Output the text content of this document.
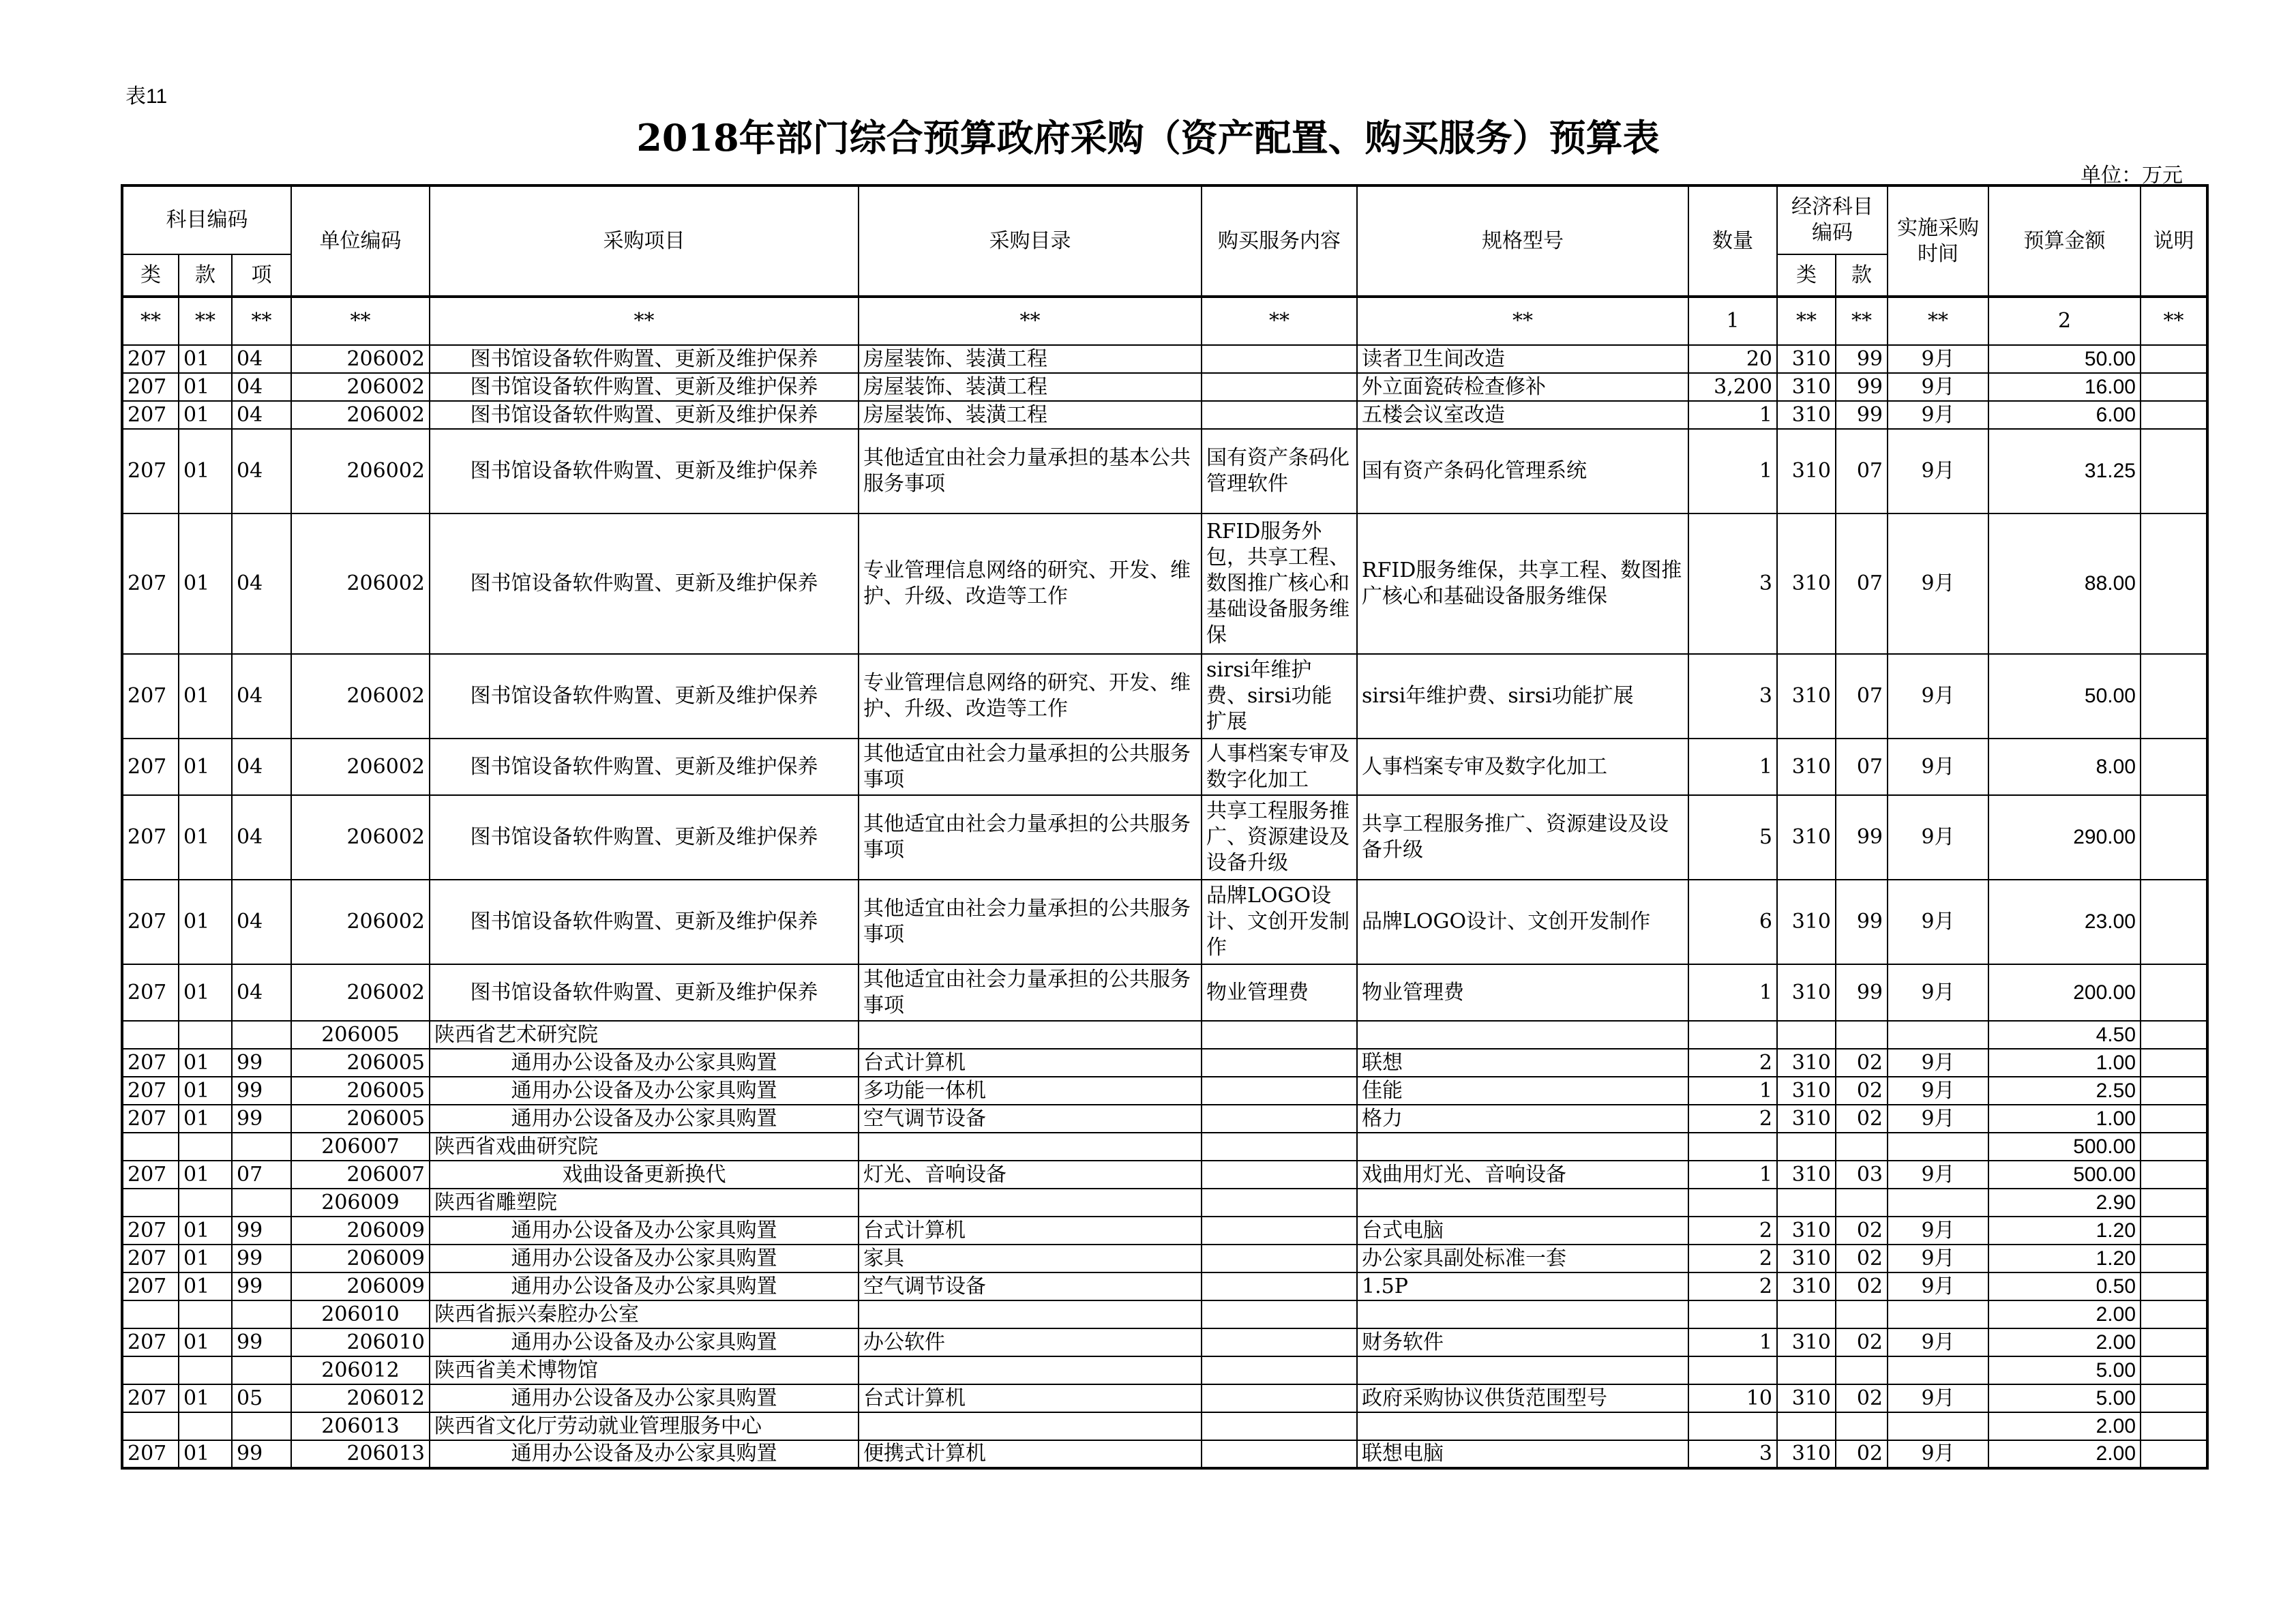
表11
2018年部门综合预算政府采购（资产配置、购买服务）预算表
单位：万元
科目编码			单位编码	采购项目	采购目录	购买服务内容	规格型号	数量	经济科目编码		实施采购时间	预算金额	说明
类	款	项							类	款			
**	**	**	**	**	**	**	**	1	**	**	**	2	**
207	01	04	206002	图书馆设备软件购置、更新及维护保养	房屋装饰、装潢工程		读者卫生间改造	20	310	99	9月	50.00	
207	01	04	206002	图书馆设备软件购置、更新及维护保养	房屋装饰、装潢工程		外立面瓷砖检查修补	3,200	310	99	9月	16.00	
207	01	04	206002	图书馆设备软件购置、更新及维护保养	房屋装饰、装潢工程		五楼会议室改造	1	310	99	9月	6.00	
207	01	04	206002	图书馆设备软件购置、更新及维护保养	其他适宜由社会力量承担的基本公共服务事项	国有资产条码化管理软件	国有资产条码化管理系统	1	310	07	9月	31.25	
207	01	04	206002	图书馆设备软件购置、更新及维护保养	专业管理信息网络的研究、开发、维护、升级、改造等工作	RFID服务外包，共享工程、数图推广核心和基础设备服务维保	RFID服务维保，共享工程、数图推广核心和基础设备服务维保	3	310	07	9月	88.00	
207	01	04	206002	图书馆设备软件购置、更新及维护保养	专业管理信息网络的研究、开发、维护、升级、改造等工作	sirsi年维护费、sirsi功能扩展	sirsi年维护费、sirsi功能扩展	3	310	07	9月	50.00	
207	01	04	206002	图书馆设备软件购置、更新及维护保养	其他适宜由社会力量承担的公共服务事项	人事档案专审及数字化加工	人事档案专审及数字化加工	1	310	07	9月	8.00	
207	01	04	206002	图书馆设备软件购置、更新及维护保养	其他适宜由社会力量承担的公共服务事项	共享工程服务推广、资源建设及设备升级	共享工程服务推广、资源建设及设备升级	5	310	99	9月	290.00	
207	01	04	206002	图书馆设备软件购置、更新及维护保养	其他适宜由社会力量承担的公共服务事项	品牌LOGO设计、文创开发制作	品牌LOGO设计、文创开发制作	6	310	99	9月	23.00	
207	01	04	206002	图书馆设备软件购置、更新及维护保养	其他适宜由社会力量承担的公共服务事项	物业管理费	物业管理费	1	310	99	9月	200.00	
			206005	陕西省艺术研究院								4.50	
207	01	99	206005	通用办公设备及办公家具购置	台式计算机		联想	2	310	02	9月	1.00	
207	01	99	206005	通用办公设备及办公家具购置	多功能一体机		佳能	1	310	02	9月	2.50	
207	01	99	206005	通用办公设备及办公家具购置	空气调节设备		格力	2	310	02	9月	1.00	
			206007	陕西省戏曲研究院								500.00	
207	01	07	206007	戏曲设备更新换代	灯光、音响设备		戏曲用灯光、音响设备	1	310	03	9月	500.00	
			206009	陕西省雕塑院								2.90	
207	01	99	206009	通用办公设备及办公家具购置	台式计算机		台式电脑	2	310	02	9月	1.20	
207	01	99	206009	通用办公设备及办公家具购置	家具		办公家具副处标准一套	2	310	02	9月	1.20	
207	01	99	206009	通用办公设备及办公家具购置	空气调节设备		1.5P	2	310	02	9月	0.50	
			206010	陕西省振兴秦腔办公室								2.00	
207	01	99	206010	通用办公设备及办公家具购置	办公软件		财务软件	1	310	02	9月	2.00	
			206012	陕西省美术博物馆								5.00	
207	01	05	206012	通用办公设备及办公家具购置	台式计算机		政府采购协议供货范围型号	10	310	02	9月	5.00	
			206013	陕西省文化厅劳动就业管理服务中心								2.00	
207	01	99	206013	通用办公设备及办公家具购置	便携式计算机		联想电脑	3	310	02	9月	2.00	
